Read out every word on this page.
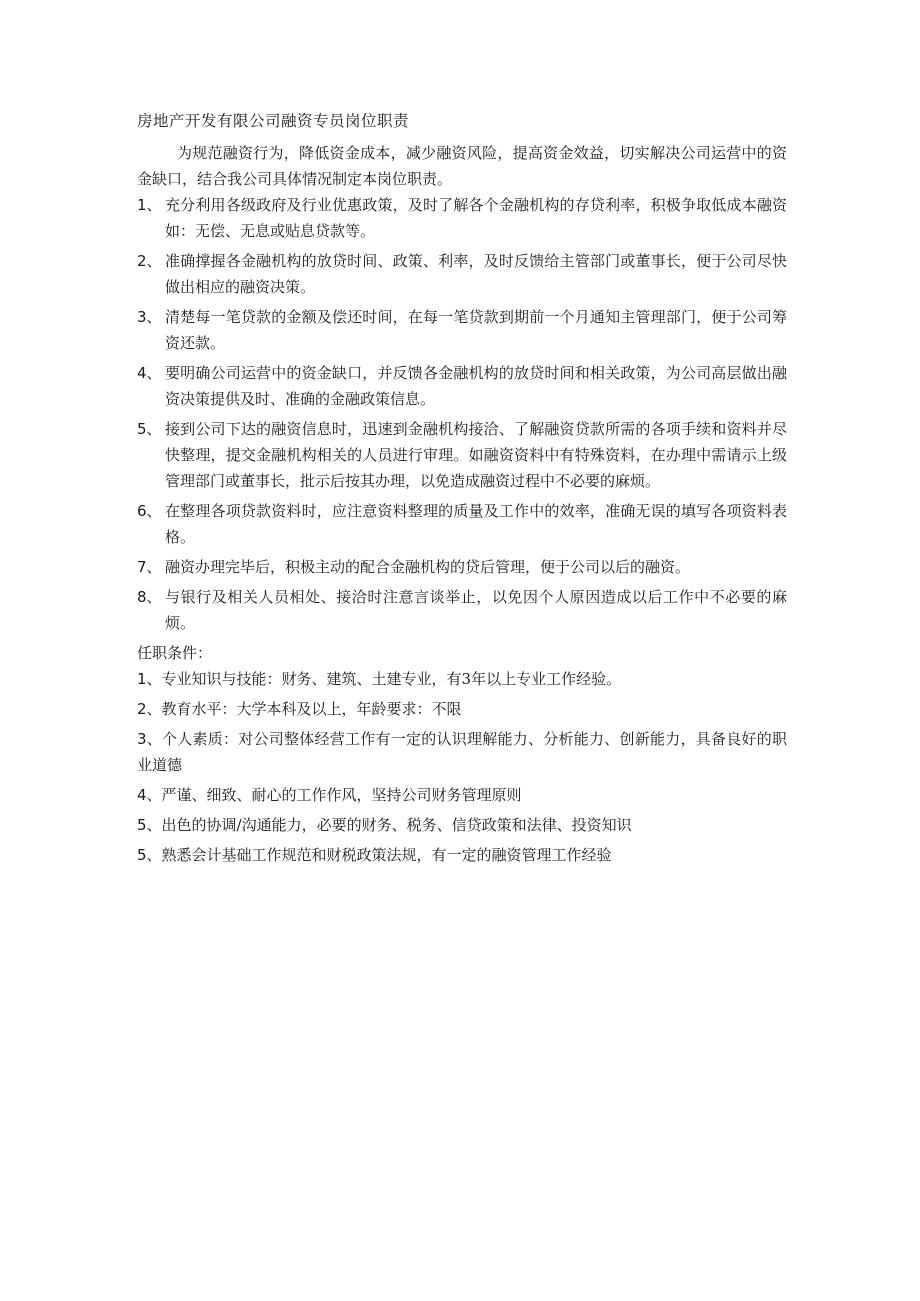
房地产开发有限公司融资专员岗位职责

为规范融资行为，降低资金成本，减少融资风险，提高资金效益，切实解决公司运营中的资金缺口，结合我公司具体情况制定本岗位职责。

1、 充分利用各级政府及行业优惠政策，及时了解各个金融机构的存贷利率，积极争取低成本融资如：无偿、无息或贴息贷款等。
2、 准确撑握各金融机构的放贷时间、政策、利率，及时反馈给主管部门或董事长，便于公司尽快做出相应的融资决策。
3、 清楚每一笔贷款的金额及偿还时间，在每一笔贷款到期前一个月通知主管理部门，便于公司筹资还款。
4、 要明确公司运营中的资金缺口，并反馈各金融机构的放贷时间和相关政策，为公司高层做出融资决策提供及时、准确的金融政策信息。
5、 接到公司下达的融资信息时，迅速到金融机构接洽、了解融资贷款所需的各项手续和资料并尽快整理，提交金融机构相关的人员进行审理。如融资资料中有特殊资料，在办理中需请示上级管理部门或董事长，批示后按其办理，以免造成融资过程中不必要的麻烦。
6、 在整理各项贷款资料时，应注意资料整理的质量及工作中的效率，准确无误的填写各项资料表格。
7、 融资办理完毕后，积极主动的配合金融机构的贷后管理，便于公司以后的融资。
8、 与银行及相关人员相处、接洽时注意言谈举止，以免因个人原因造成以后工作中不必要的麻烦。

任职条件：

1、专业知识与技能：财务、建筑、土建专业，有3年以上专业工作经验。
2、教育水平：大学本科及以上，年龄要求：不限
3、个人素质：对公司整体经营工作有一定的认识理解能力、分析能力、创新能力，具备良好的职业道德
4、严谨、细致、耐心的工作作风，坚持公司财务管理原则
5、出色的协调/沟通能力，必要的财务、税务、信贷政策和法律、投资知识
5、熟悉会计基础工作规范和财税政策法规，有一定的融资管理工作经验
